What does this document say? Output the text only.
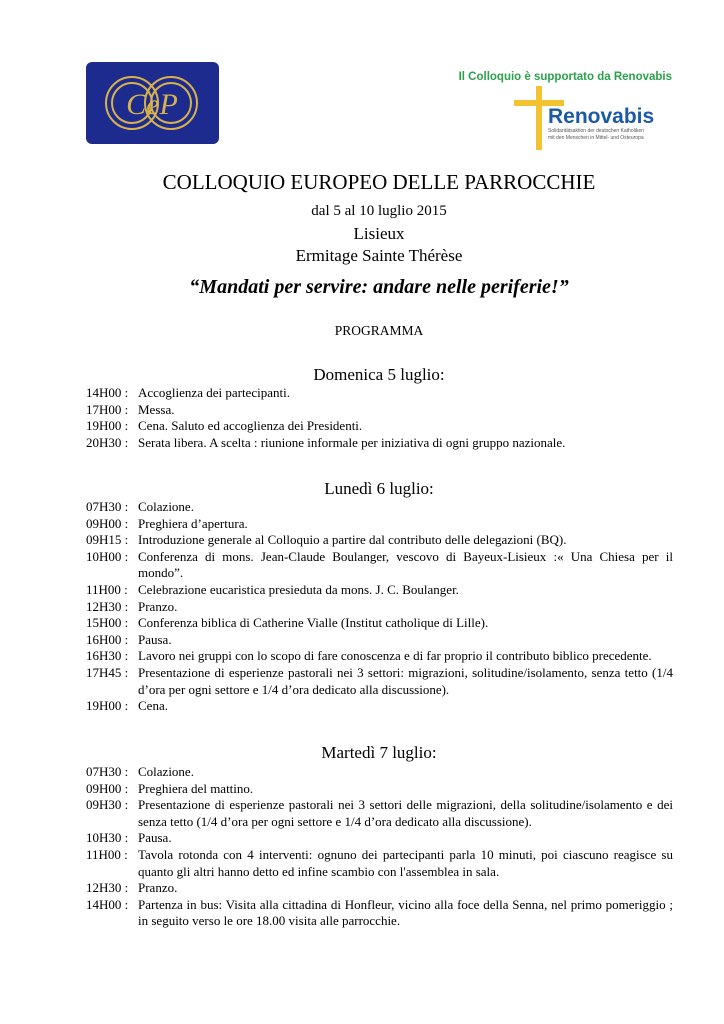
CeP
Il Colloquio è supportato da Renovabis
Renovabis
Solidaritätsaktion der deutschen Katholiken
mit den Menschen in Mittel- und Osteuropa
COLLOQUIO EUROPEO DELLE PARROCCHIE
dal 5 al 10 luglio 2015
Lisieux
Ermitage Sainte Thérèse
“Mandati per servire: andare nelle periferie!”
PROGRAMMA
Domenica 5 luglio:
14H00 : Accoglienza dei partecipanti.
17H00 : Messa.
19H00 : Cena. Saluto ed accoglienza dei Presidenti.
20H30 : Serata libera. A scelta : riunione informale per iniziativa di ogni gruppo nazionale.
Lunedì 6 luglio:
07H30 : Colazione.
09H00 : Preghiera d’apertura.
09H15 : Introduzione generale al Colloquio a partire dal contributo delle delegazioni (BQ).
10H00 : Conferenza di mons. Jean-Claude Boulanger, vescovo di Bayeux-Lisieux :« Una Chiesa per il mondo”.
11H00 : Celebrazione eucaristica presieduta da mons. J. C. Boulanger.
12H30 : Pranzo.
15H00 : Conferenza biblica di Catherine Vialle (Institut catholique di Lille).
16H00 : Pausa.
16H30 : Lavoro nei gruppi con lo scopo di fare conoscenza e di far proprio il contributo biblico precedente.
17H45 : Presentazione di esperienze pastorali nei 3 settori: migrazioni, solitudine/isolamento, senza tetto (1/4 d’ora per ogni settore e 1/4 d’ora dedicato alla discussione).
19H00 : Cena.
Martedì 7 luglio:
07H30 : Colazione.
09H00 : Preghiera del mattino.
09H30 : Presentazione di esperienze pastorali nei 3 settori delle migrazioni, della solitudine/isolamento e dei senza tetto (1/4 d’ora per ogni settore e 1/4 d’ora dedicato alla discussione).
10H30 : Pausa.
11H00 : Tavola rotonda con 4 interventi: ognuno dei partecipanti parla 10 minuti, poi ciascuno reagisce su quanto gli altri hanno detto ed infine scambio con l'assemblea in sala.
12H30 : Pranzo.
14H00 : Partenza in bus: Visita alla cittadina di Honfleur, vicino alla foce della Senna, nel primo pomeriggio ; in seguito verso le ore 18.00 visita alle parrocchie.
